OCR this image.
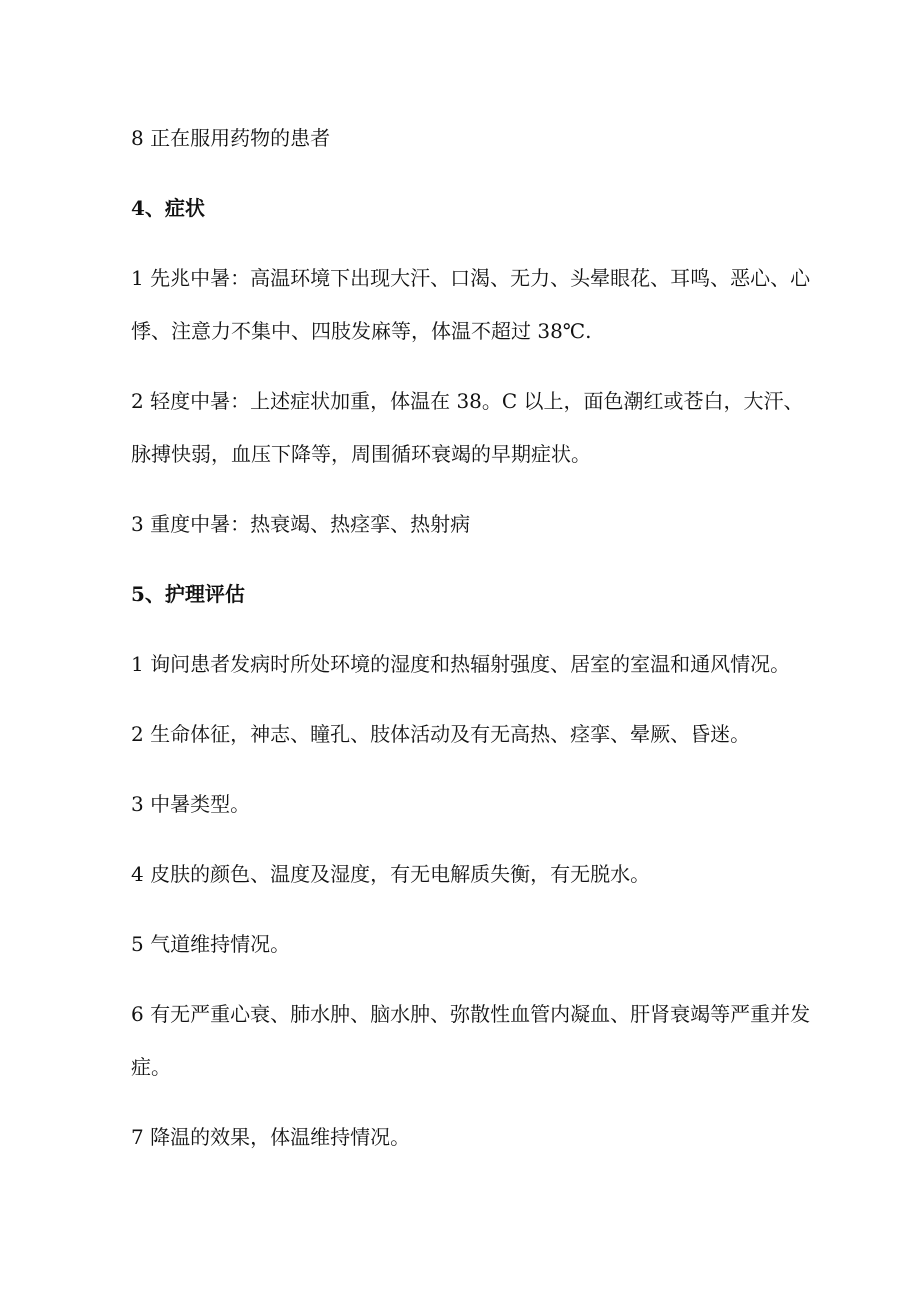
8 正在服用药物的患者

4、症状

1 先兆中暑：高温环境下出现大汗、口渴、无力、头晕眼花、耳鸣、恶心、心悸、注意力不集中、四肢发麻等，体温不超过 38℃.

2 轻度中暑：上述症状加重，体温在 38。C 以上，面色潮红或苍白，大汗、脉搏快弱，血压下降等，周围循环衰竭的早期症状。

3 重度中暑：热衰竭、热痉挛、热射病

5、护理评估

1 询问患者发病时所处环境的湿度和热辐射强度、居室的室温和通风情况。

2 生命体征，神志、瞳孔、肢体活动及有无高热、痉挛、晕厥、昏迷。

3 中暑类型。

4 皮肤的颜色、温度及湿度，有无电解质失衡，有无脱水。

5 气道维持情况。

6 有无严重心衰、肺水肿、脑水肿、弥散性血管内凝血、肝肾衰竭等严重并发症。

7 降温的效果，体温维持情况。
